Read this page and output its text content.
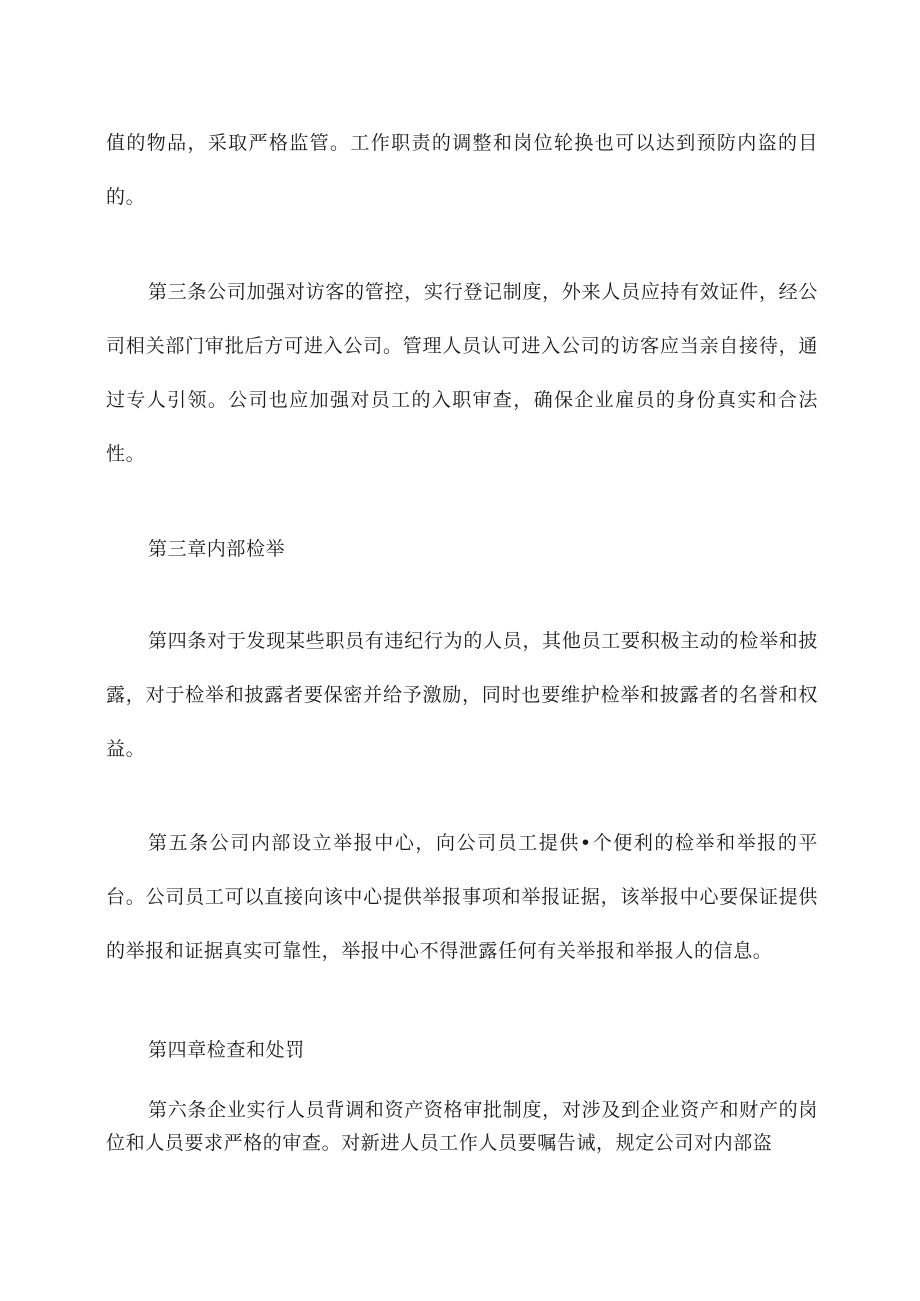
值的物品，采取严格监管。工作职责的调整和岗位轮换也可以达到预防内盗的目的。

第三条公司加强对访客的管控，实行登记制度，外来人员应持有效证件，经公司相关部门审批后方可进入公司。管理人员认可进入公司的访客应当亲自接待，通过专人引领。公司也应加强对员工的入职审查，确保企业雇员的身份真实和合法性。

第三章内部检举

第四条对于发现某些职员有违纪行为的人员，其他员工要积极主动的检举和披露，对于检举和披露者要保密并给予激励，同时也要维护检举和披露者的名誉和权益。

第五条公司内部设立举报中心，向公司员工提供•个便利的检举和举报的平台。公司员工可以直接向该中心提供举报事项和举报证据，该举报中心要保证提供的举报和证据真实可靠性，举报中心不得泄露任何有关举报和举报人的信息。

第四章检查和处罚

第六条企业实行人员背调和资产资格审批制度，对涉及到企业资产和财产的岗位和人员要求严格的审查。对新进人员工作人员要嘱告诫，规定公司对内部盗
